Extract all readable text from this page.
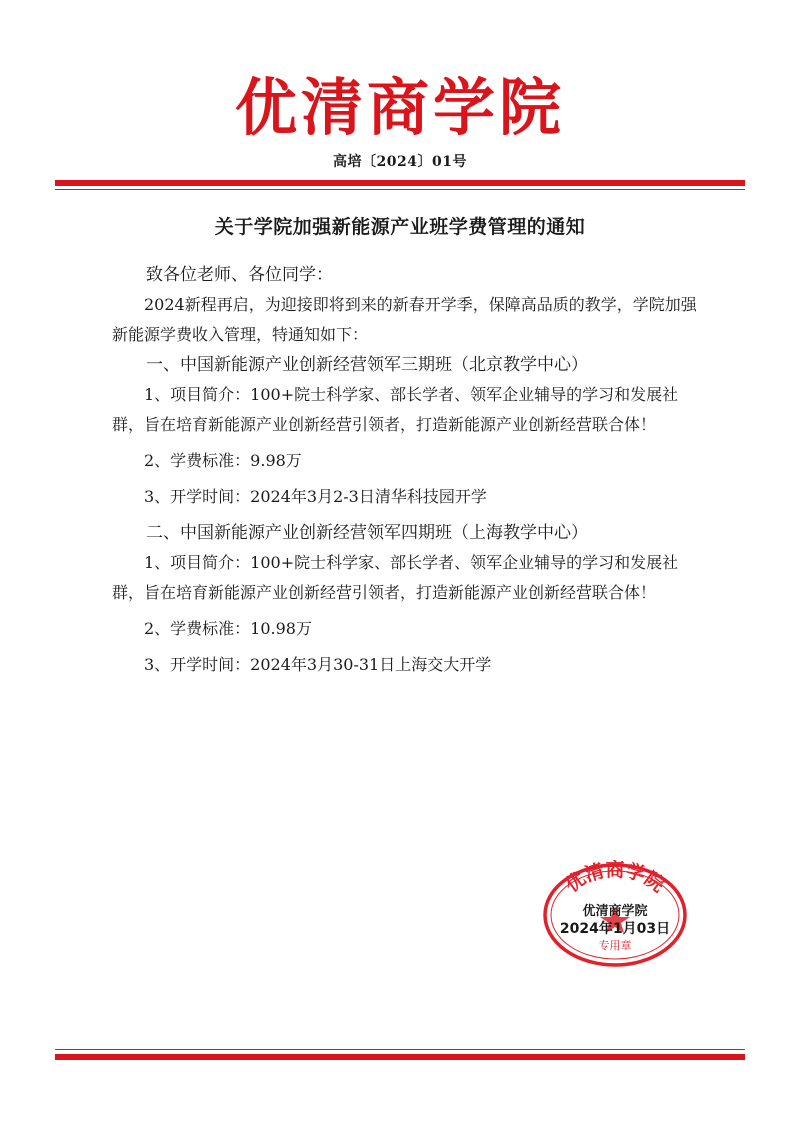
优清商学院
高培〔2024〕01号
关于学院加强新能源产业班学费管理的通知

致各位老师、各位同学：

2024新程再启，为迎接即将到来的新春开学季，保障高品质的教学，学院加强新能源学费收入管理，特通知如下：

一、中国新能源产业创新经营领军三期班（北京教学中心）

1、项目简介：100+院士科学家、部长学者、领军企业辅导的学习和发展社群，旨在培育新能源产业创新经营引领者，打造新能源产业创新经营联合体！

2、学费标准：9.98万

3、开学时间：2024年3月2-3日清华科技园开学

二、中国新能源产业创新经营领军四期班（上海教学中心）

1、项目简介：100+院士科学家、部长学者、领军企业辅导的学习和发展社群，旨在培育新能源产业创新经营引领者，打造新能源产业创新经营联合体！

2、学费标准：10.98万

3、开学时间：2024年3月30-31日上海交大开学

优清商学院
优清商学院
2024年1月03日
专用章
